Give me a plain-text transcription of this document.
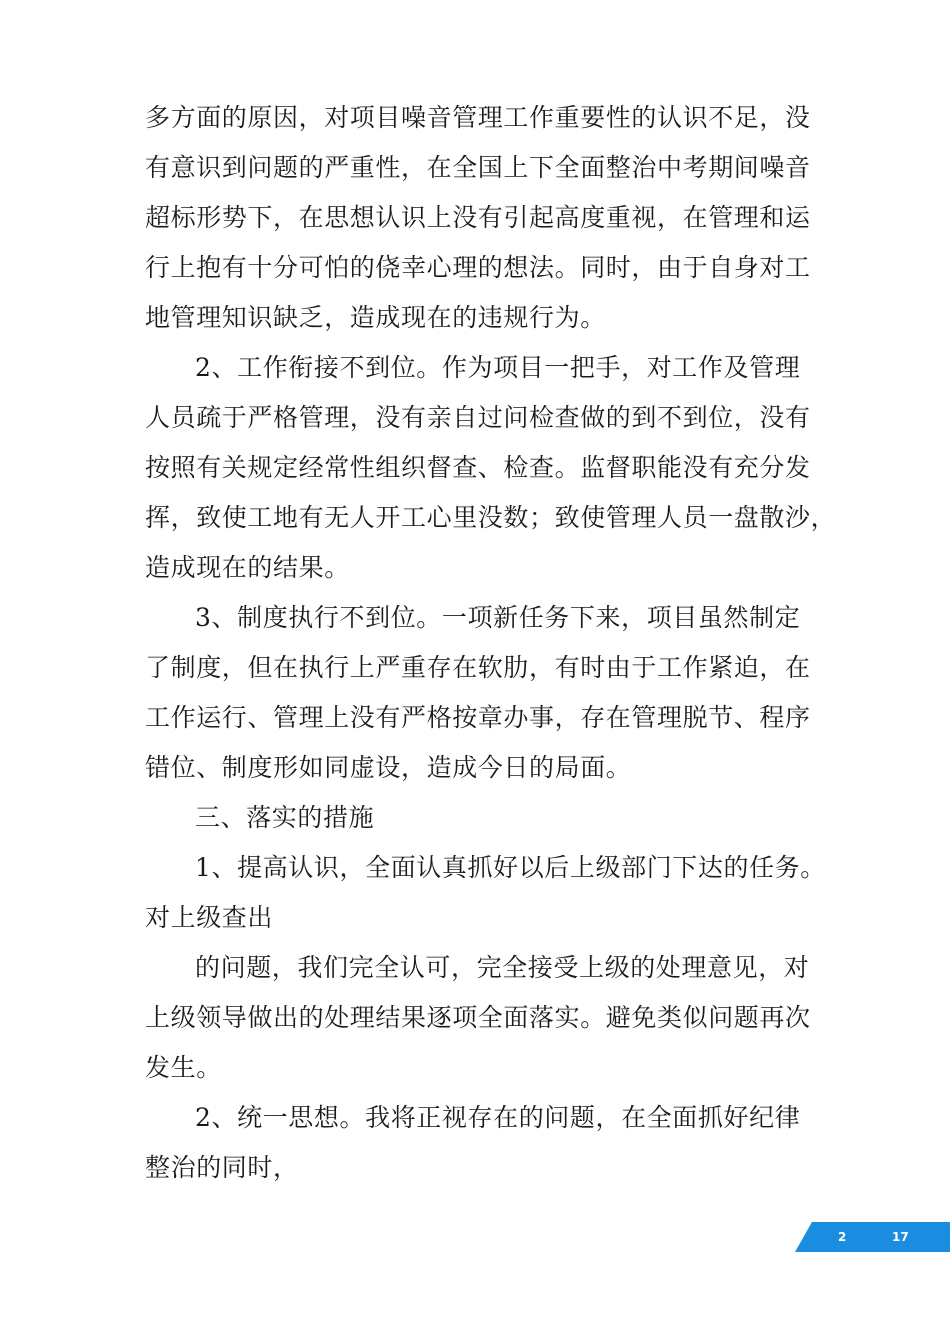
多方面的原因，对项目噪音管理工作重要性的认识不足，没
有意识到问题的严重性，在全国上下全面整治中考期间噪音
超标形势下，在思想认识上没有引起高度重视，在管理和运
行上抱有十分可怕的侥幸心理的想法。同时，由于自身对工
地管理知识缺乏，造成现在的违规行为。
2、工作衔接不到位。作为项目一把手，对工作及管理
人员疏于严格管理，没有亲自过问检查做的到不到位，没有
按照有关规定经常性组织督查、检查。监督职能没有充分发
挥，致使工地有无人开工心里没数；致使管理人员一盘散沙，
造成现在的结果。
3、制度执行不到位。一项新任务下来，项目虽然制定
了制度，但在执行上严重存在软肋，有时由于工作紧迫，在
工作运行、管理上没有严格按章办事，存在管理脱节、程序
错位、制度形如同虚设，造成今日的局面。
三、落实的措施
1、提高认识，全面认真抓好以后上级部门下达的任务。
对上级查出
的问题，我们完全认可，完全接受上级的处理意见，对
上级领导做出的处理结果逐项全面落实。避免类似问题再次
发生。
2、统一思想。我将正视存在的问题，在全面抓好纪律
整治的同时，
2	17
